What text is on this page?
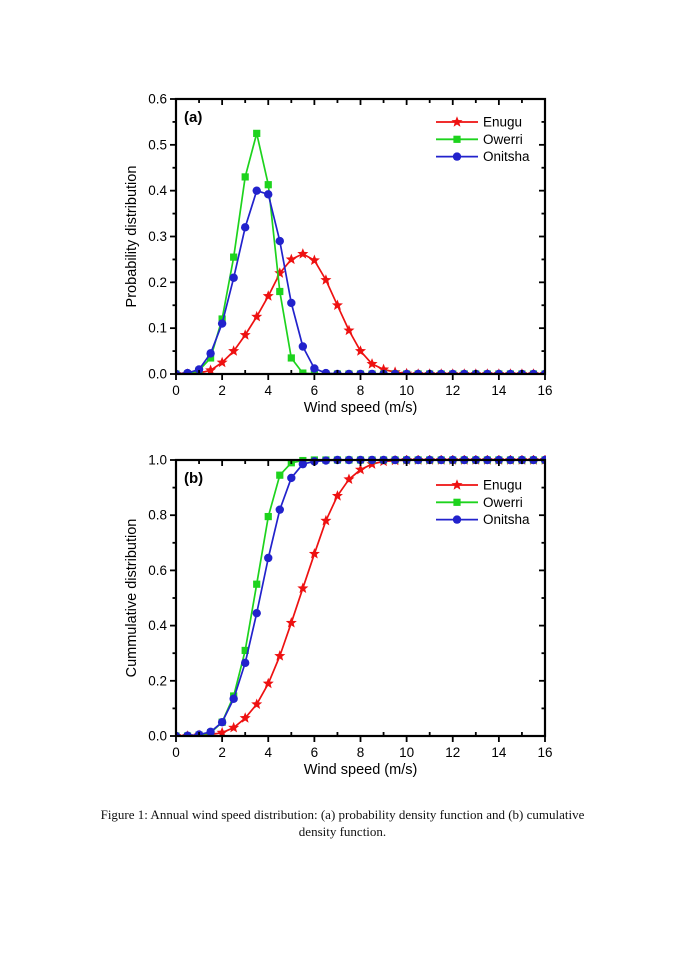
0	2	4	6	8	10 12 14 16
0.0
0.1
0.2
0.3
0.4
0.5
0.6
Wind speed (m/s)
Probability distribution
(a)	Enugu
Owerri
Onitsha
0	2	4	6	8	10 12 14 16
0.0
0.2
0.4
0.6
0.8
1.0
Wind speed (m/s)
Cummulative distribution
(b)	Enugu
Owerri
Onitsha
Figure 1: Annual wind speed distribution: (a) probability density function and (b) cumulative
density function.
